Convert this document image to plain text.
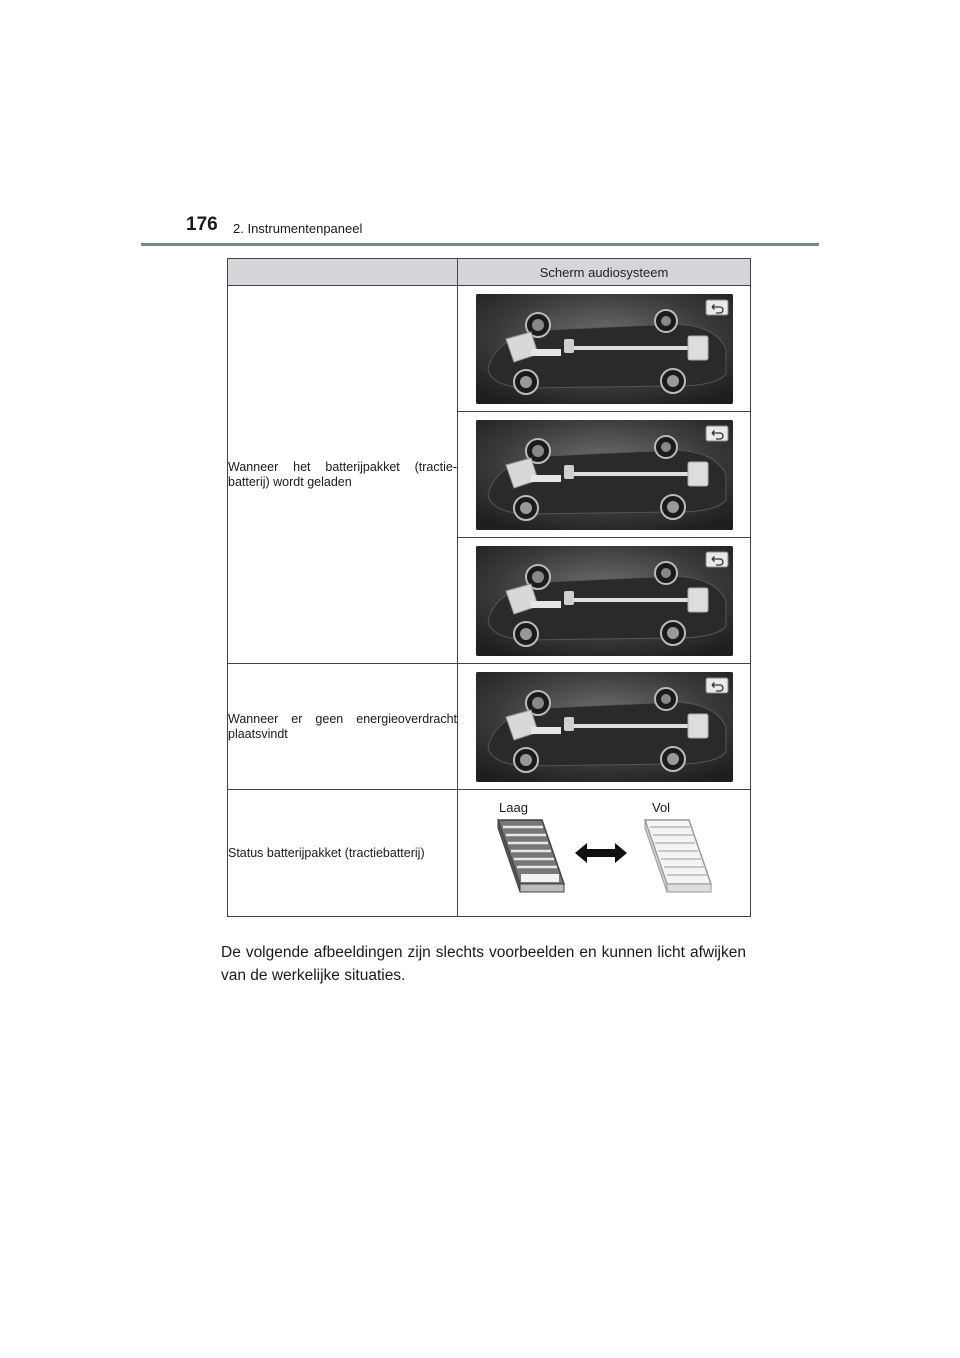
176 2. Instrumentenpaneel
	Scherm audiosysteem
Wanneer het batterijpakket (tractiebatterij) wordt geladen	

Wanneer er geen energieoverdracht plaatsvindt	

Status batterijpakket (tractiebatterij)	Laag Vol

De volgende afbeeldingen zijn slechts voorbeelden en kunnen licht afwijken van de werkelijke situaties.
